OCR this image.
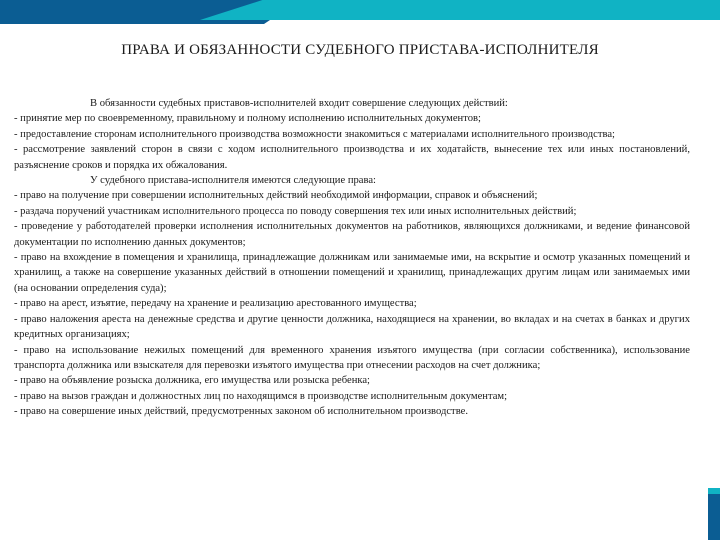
ПРАВА И ОБЯЗАННОСТИ СУДЕБНОГО ПРИСТАВА-ИСПОЛНИТЕЛЯ

В обязанности судебных приставов-исполнителей входит совершение следующих действий:

- принятие мер по своевременному, правильному и полному исполнению исполнительных документов;

- предоставление сторонам исполнительного производства возможности знакомиться с материалами исполнительного производства;

- рассмотрение заявлений сторон в связи с ходом исполнительного производства и их ходатайств, вынесение тех или иных постановлений, разъяснение сроков и порядка их обжалования.

У судебного пристава-исполнителя имеются следующие права:

- право на получение при совершении исполнительных действий необходимой информации, справок и объяснений;

- раздача поручений участникам исполнительного процесса по поводу совершения тех или иных исполнительных действий;

- проведение у работодателей проверки исполнения исполнительных документов на работников, являющихся должниками, и ведение финансовой документации по исполнению данных документов;

- право на вхождение в помещения и хранилища, принадлежащие должникам или занимаемые ими, на вскрытие и осмотр указанных помещений и хранилищ, а также на совершение указанных действий в отношении помещений и хранилищ, принадлежащих другим лицам или занимаемых ими (на основании определения суда);

- право на арест, изъятие, передачу на хранение и реализацию арестованного имущества;

- право наложения ареста на денежные средства и другие ценности должника, находящиеся на хранении, во вкладах и на счетах в банках и других кредитных организациях;

- право на использование нежилых помещений для временного хранения изъятого имущества (при согласии собственника), использование транспорта должника или взыскателя для перевозки изъятого имущества при отнесении расходов на счет должника;

- право на объявление розыска должника, его имущества или розыска ребенка;

- право на вызов граждан и должностных лиц по находящимся в производстве исполнительным документам;

- право на совершение иных действий, предусмотренных законом об исполнительном производстве.
